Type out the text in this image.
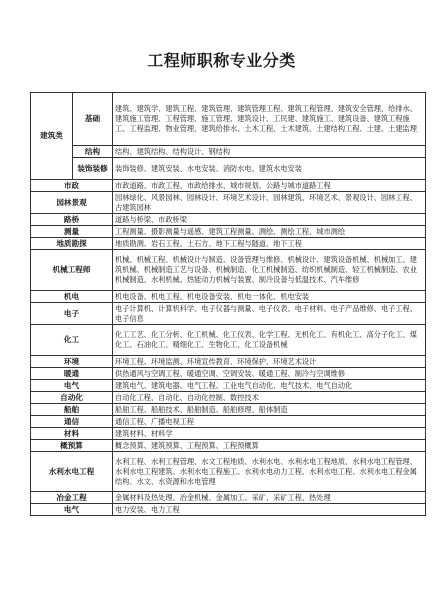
工程师职称专业分类
建筑类	基础	建筑、建筑学、建筑工程、建筑管理、建筑管理工程、建筑工程管理、建筑安全管理、给排水、建筑施工管理、工程管理、施工管理、建筑设计、工民建、建筑施工、建筑设备、建筑工程施工、工程监理、物业管理、建筑给排水、土木工程、土木建筑、土建结构工程、土建、土建监理
	结构	结构、建筑结构、结构设计、钢结构
	装饰装修	装饰装修、建筑安装、水电安装、消防水电、建筑水电安装
市政		市政道路、市政工程、市政给排水、城市规划、公路与城市道路工程
园林景观		园林绿化、风景园林、园林设计、环境艺术设计、园林建筑、环境艺术、景观设计、园林工程、古建筑园林
路桥		道路与桥梁、市政桥梁
测量		工程测量、摄影测量与遥感、建筑工程测量、测绘、测绘工程、城市测绘
地质勘探		地质勘测、岩石工程、土石方、地下工程与隧道、地下工程
机械工程师		机械、机械工程、机械设计与制造、设备管理与维修、机械设计、建筑设备机械、机械加工、建筑机械、机械制造工艺与设备、机械制造、化工机械制造、纺织机械制造、轻工机械制造、农业机械制造、水利机械、热能动力机械与装置、制冷设备与低温技术、汽车维修
机电		机电设备、机电工程、机电设备安装、机电一体化、机电安装
电子		电子计算机、计算机科学、电子仪器与测量、电子仪表、电子材料、电子产品维修、电子工程、电子信息
化工		化工工艺、化工分析、化工机械、化工仪表、化学工程、无机化工、有机化工、高分子化工、煤化工、石油化工、精细化工、生物化工、化工设备机械
环境		环境工程、环境监测、环境宣传教育、环境保护、环境艺术设计
暖通		供热通风与空调工程、暖通空调、空调安装、暖通工程、制冷与空调维修
电气		建筑电气、建筑电器、电气工程、工业电气自动化、电气技术、电气自动化
自动化		自动化工程、自动化、自动化控制、数控技术
船舶		船舶工程、船舶技术、船舶制造、船舶修理、船体制造
通信		通信工程、广播电视工程
材料		建筑材料、材料学
概预算		概念预算、建筑预算、工程预算、工程预概算
水利水电工程		水利工程、水利工程管理、水文工程地质、水利水电、水利水电工程地质、水利水电工程管理、水利水电工程建筑、水利水电工程施工、水利水电动力工程、水利水电工程、水利水电工程金属结构、水文、水资源和水电管理
冶金工程		金属材料及热处理、冶金机械、金属加工、采矿、采矿工程、热处理
电气		电力安装、电力工程
